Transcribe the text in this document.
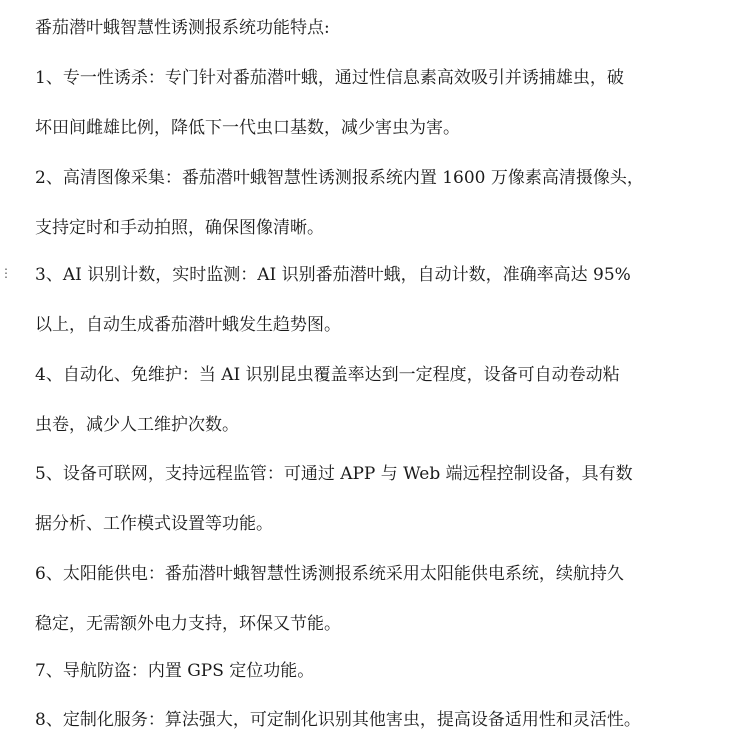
⋮
番茄潜叶蛾智慧性诱测报系统功能特点:
1、专一性诱杀：专门针对番茄潜叶蛾，通过性信息素高效吸引并诱捕雄虫，破
坏田间雌雄比例，降低下一代虫口基数，减少害虫为害。
2、高清图像采集：番茄潜叶蛾智慧性诱测报系统内置 1600 万像素高清摄像头，
支持定时和手动拍照，确保图像清晰。
3、AI 识别计数，实时监测：AI 识别番茄潜叶蛾，自动计数，准确率高达 95%
以上，自动生成番茄潜叶蛾发生趋势图。
4、自动化、免维护：当 AI 识别昆虫覆盖率达到一定程度，设备可自动卷动粘
虫卷，减少人工维护次数。
5、设备可联网，支持远程监管：可通过 APP 与 Web 端远程控制设备，具有数
据分析、工作模式设置等功能。
6、太阳能供电：番茄潜叶蛾智慧性诱测报系统采用太阳能供电系统，续航持久
稳定，无需额外电力支持，环保又节能。
7、导航防盗：内置 GPS 定位功能。
8、定制化服务：算法强大，可定制化识别其他害虫，提高设备适用性和灵活性。
